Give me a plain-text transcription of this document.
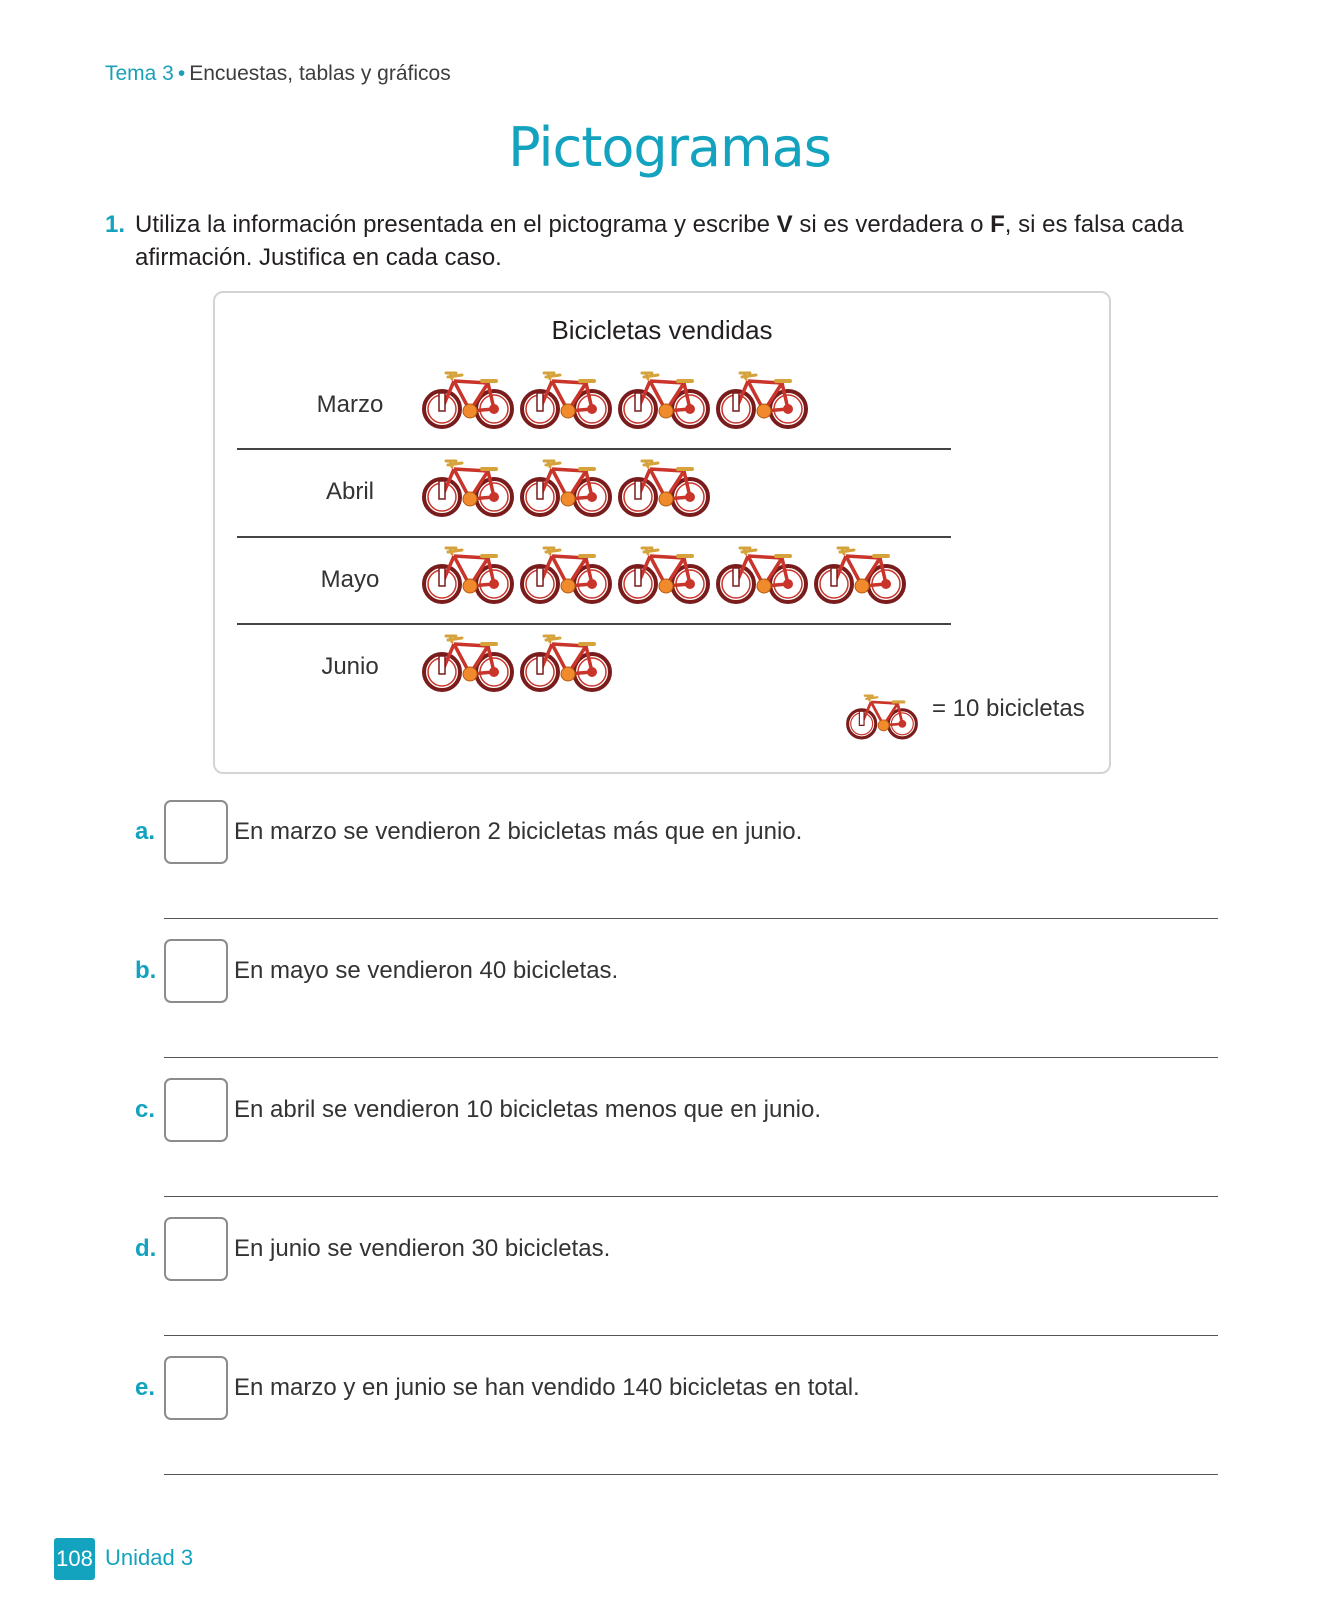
Tema 3 • Encuestas, tablas y gráficos
Pictogramas
1. Utiliza la información presentada en el pictograma y escribe V si es verdadera o F, si es falsa cada afirmación. Justifica en cada caso.
Bicicletas vendidas
Marzo
Abril
Mayo
Junio
= 10 bicicletas
a.	En marzo se vendieron 2 bicicletas más que en junio.
b.	En mayo se vendieron 40 bicicletas.
c.	En abril se vendieron 10 bicicletas menos que en junio.
d.	En junio se vendieron 30 bicicletas.
e.	En marzo y en junio se han vendido 140 bicicletas en total.
108 Unidad 3
